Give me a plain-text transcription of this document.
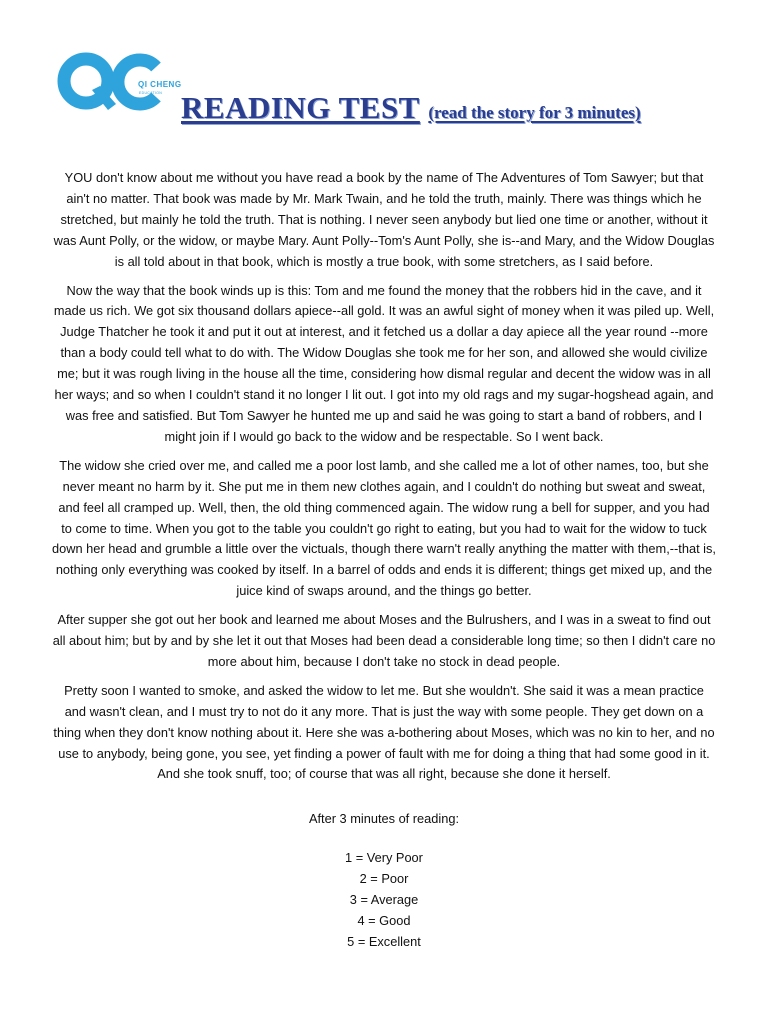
QI CHENG
EDUCATION READING TEST (read the story for 3 minutes)

YOU don't know about me without you have read a book by the name of The Adventures of Tom Sawyer; but that ain't no matter. That book was made by Mr. Mark Twain, and he told the truth, mainly. There was things which he stretched, but mainly he told the truth. That is nothing. I never seen anybody but lied one time or another, without it was Aunt Polly, or the widow, or maybe Mary. Aunt Polly--Tom's Aunt Polly, she is--and Mary, and the Widow Douglas is all told about in that book, which is mostly a true book, with some stretchers, as I said before.

Now the way that the book winds up is this: Tom and me found the money that the robbers hid in the cave, and it made us rich. We got six thousand dollars apiece--all gold. It was an awful sight of money when it was piled up. Well, Judge Thatcher he took it and put it out at interest, and it fetched us a dollar a day apiece all the year round --more than a body could tell what to do with. The Widow Douglas she took me for her son, and allowed she would civilize me; but it was rough living in the house all the time, considering how dismal regular and decent the widow was in all her ways; and so when I couldn't stand it no longer I lit out. I got into my old rags and my sugar-hogshead again, and was free and satisfied. But Tom Sawyer he hunted me up and said he was going to start a band of robbers, and I might join if I would go back to the widow and be respectable. So I went back.

The widow she cried over me, and called me a poor lost lamb, and she called me a lot of other names, too, but she never meant no harm by it. She put me in them new clothes again, and I couldn't do nothing but sweat and sweat, and feel all cramped up. Well, then, the old thing commenced again. The widow rung a bell for supper, and you had to come to time. When you got to the table you couldn't go right to eating, but you had to wait for the widow to tuck down her head and grumble a little over the victuals, though there warn't really anything the matter with them,--that is, nothing only everything was cooked by itself. In a barrel of odds and ends it is different; things get mixed up, and the juice kind of swaps around, and the things go better.

After supper she got out her book and learned me about Moses and the Bulrushers, and I was in a sweat to find out all about him; but by and by she let it out that Moses had been dead a considerable long time; so then I didn't care no more about him, because I don't take no stock in dead people.

Pretty soon I wanted to smoke, and asked the widow to let me. But she wouldn't. She said it was a mean practice and wasn't clean, and I must try to not do it any more. That is just the way with some people. They get down on a thing when they don't know nothing about it. Here she was a-bothering about Moses, which was no kin to her, and no use to anybody, being gone, you see, yet finding a power of fault with me for doing a thing that had some good in it. And she took snuff, too; of course that was all right, because she done it herself.

After 3 minutes of reading:
1 = Very Poor
2 = Poor
3 = Average
4 = Good
5 = Excellent
